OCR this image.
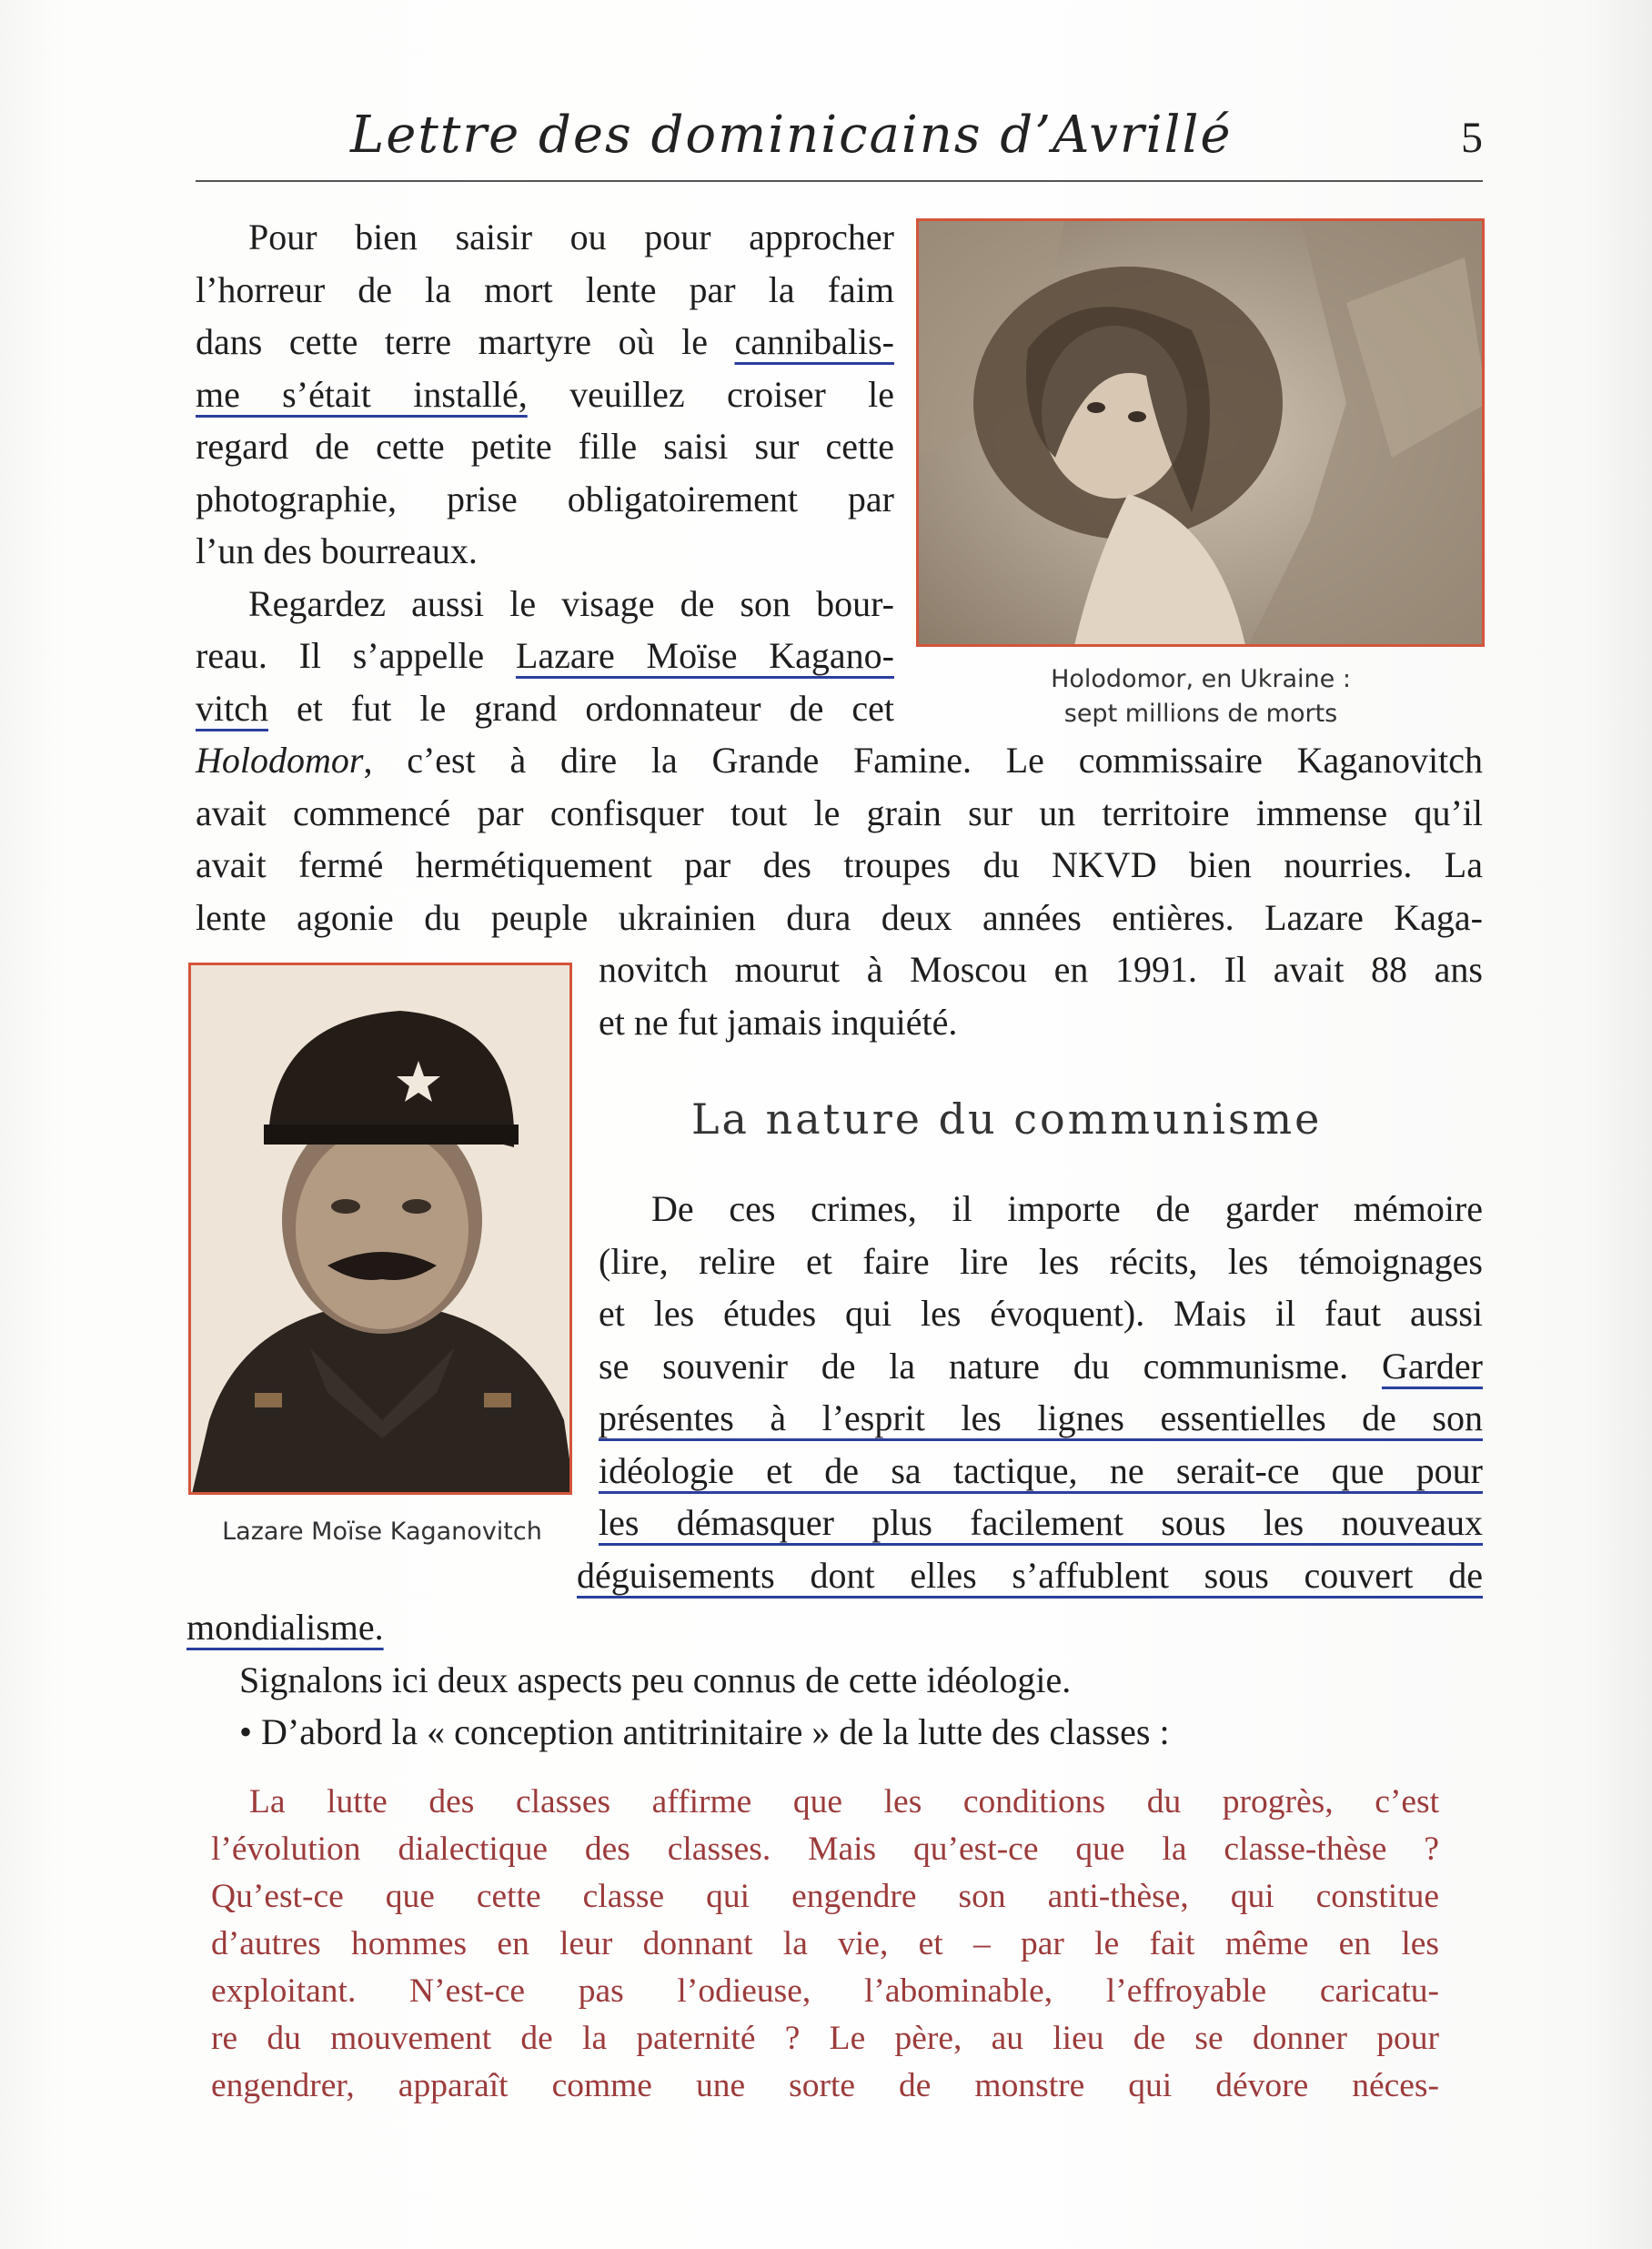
Lettre des dominicains d’Avrillé	5
Holodomor, en Ukraine :
sept millions de morts

Pour bien saisir ou pour approcher

l’horreur de la mort lente par la faim

dans cette terre martyre où le cannibalis-

me s’était installé, veuillez croiser le

regard de cette petite fille saisi sur cette

photographie, prise obligatoirement par

l’un des bourreaux.

Regardez aussi le visage de son bour-

reau. Il s’appelle Lazare Moïse Kagano-

vitch et fut le grand ordonnateur de cet

Holodomor, c’est à dire la Grande Famine. Le commissaire Kaganovitch

avait commencé par confisquer tout le grain sur un territoire immense qu’il

avait fermé hermétiquement par des troupes du NKVD bien nourries. La

lente agonie du peuple ukrainien dura deux années entières. Lazare Kaga-

Lazare Moïse Kaganovitch

novitch mourut à Moscou en 1991. Il avait 88 ans

et ne fut jamais inquiété.

La nature du communisme

De ces crimes, il importe de garder mémoire

(lire, relire et faire lire les récits, les témoignages

et les études qui les évoquent). Mais il faut aussi

se souvenir de la nature du communisme. Garder

présentes à l’esprit les lignes essentielles de son

idéologie et de sa tactique, ne serait-ce que pour

les démasquer plus facilement sous les nouveaux

déguisements dont elles s’affublent sous couvert de

mondialisme.

Signalons ici deux aspects peu connus de cette idéologie.

• D’abord la « conception antitrinitaire » de la lutte des classes :

La lutte des classes affirme que les conditions du progrès, c’est

l’évolution dialectique des classes. Mais qu’est-ce que la classe-thèse ?

Qu’est-ce que cette classe qui engendre son anti-thèse, qui constitue

d’autres hommes en leur donnant la vie, et – par le fait même en les

exploitant. N’est-ce pas l’odieuse, l’abominable, l’effroyable caricatu-

re du mouvement de la paternité ? Le père, au lieu de se donner pour

engendrer, apparaît comme une sorte de monstre qui dévore néces-
